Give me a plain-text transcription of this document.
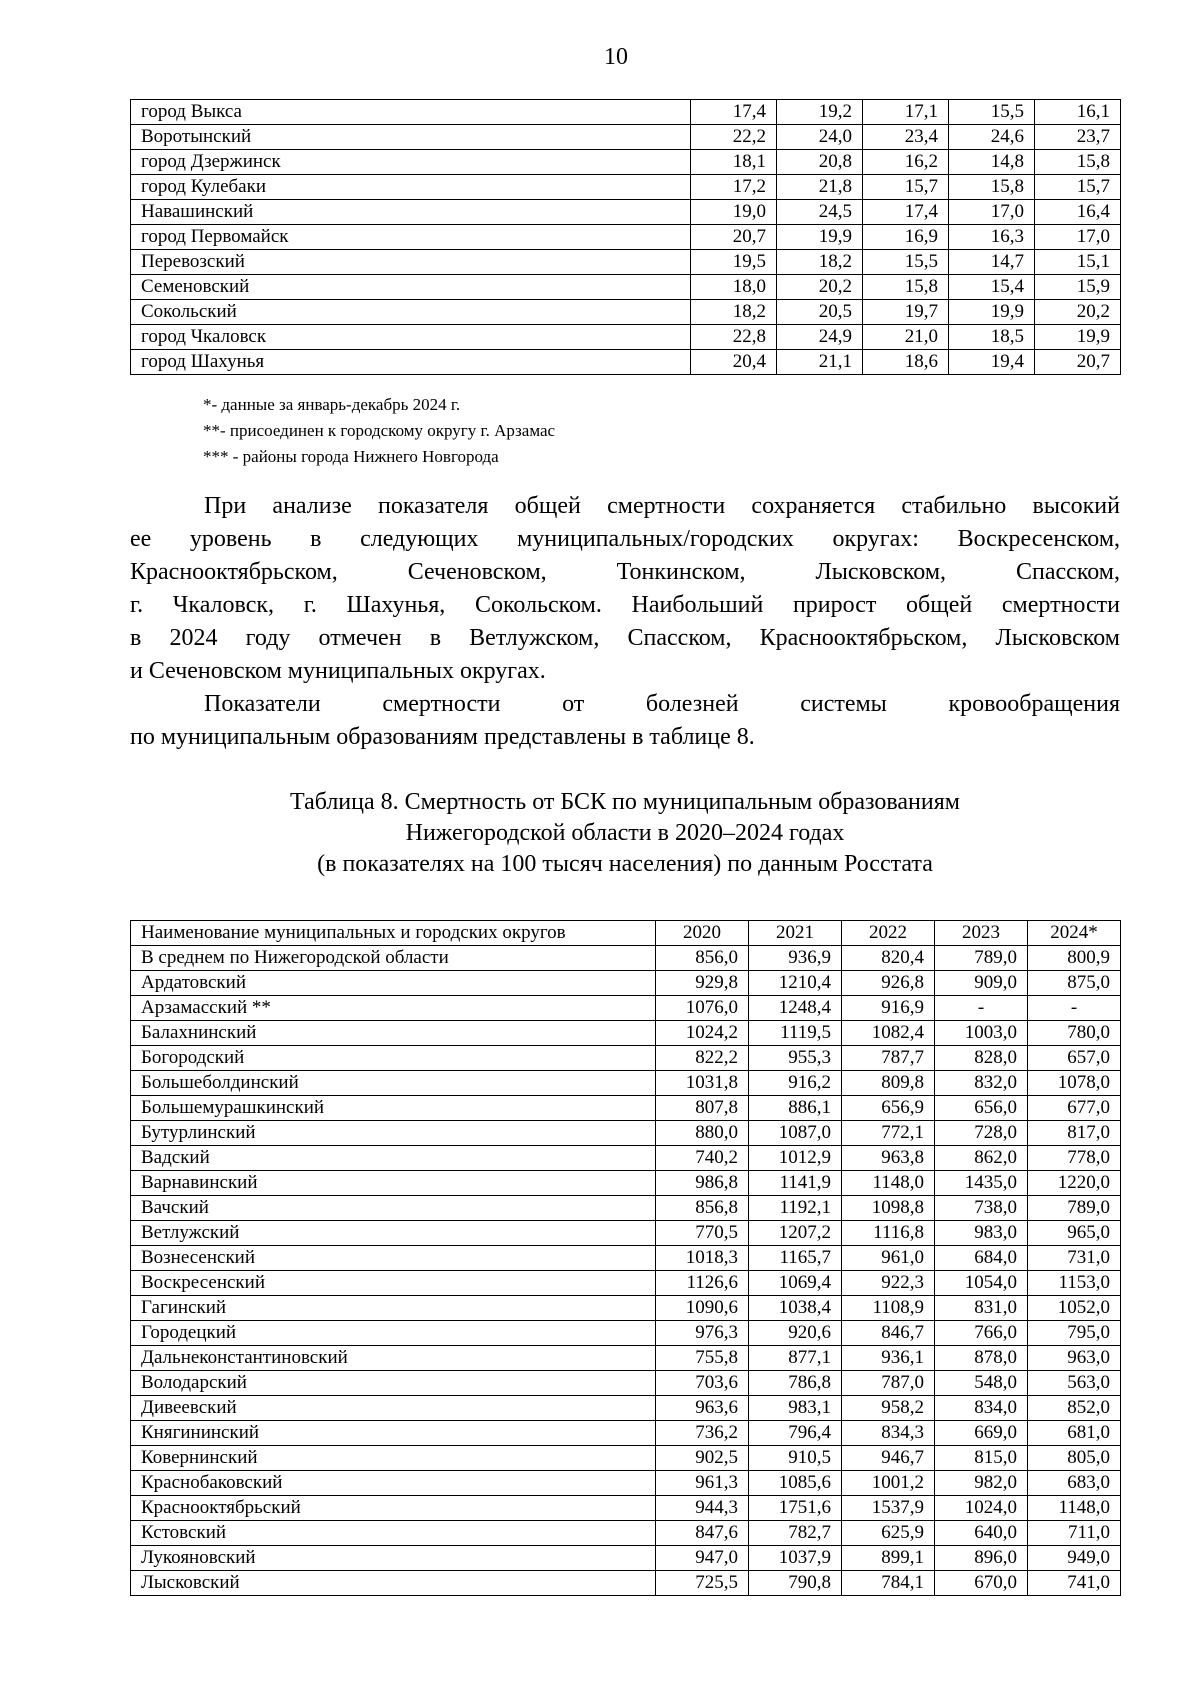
10
город Выкса	17,4	19,2	17,1	15,5	16,1
Воротынский	22,2	24,0	23,4	24,6	23,7
город Дзержинск	18,1	20,8	16,2	14,8	15,8
город Кулебаки	17,2	21,8	15,7	15,8	15,7
Навашинский	19,0	24,5	17,4	17,0	16,4
город Первомайск	20,7	19,9	16,9	16,3	17,0
Перевозский	19,5	18,2	15,5	14,7	15,1
Семеновский	18,0	20,2	15,8	15,4	15,9
Сокольский	18,2	20,5	19,7	19,9	20,2
город Чкаловск	22,8	24,9	21,0	18,5	19,9
город Шахунья	20,4	21,1	18,6	19,4	20,7
*- данные за январь-декабрь 2024 г.
**- присоединен к городскому округу г. Арзамас
*** - районы города Нижнего Новгорода
При анализе показателя общей смертности сохраняется стабильно высокий
ее уровень в следующих муниципальных/городских округах: Воскресенском,
Краснооктябрьском, Сеченовском, Тонкинском, Лысковском, Спасском,
г. Чкаловск, г. Шахунья, Сокольском. Наибольший прирост общей смертности
в 2024 году отмечен в Ветлужском, Спасском, Краснооктябрьском, Лысковском
и Сеченовском муниципальных округах.
Показатели смертности от болезней системы кровообращения
по муниципальным образованиям представлены в таблице 8.
Таблица 8. Смертность от БСК по муниципальным образованиям
Нижегородской области в 2020–2024 годах
(в показателях на 100 тысяч населения) по данным Росстата
Наименование муниципальных и городских округов	2020	2021	2022	2023	2024*
В среднем по Нижегородской области	856,0	936,9	820,4	789,0	800,9
Ардатовский	929,8	1210,4	926,8	909,0	875,0
Арзамасский **	1076,0	1248,4	916,9	-	-
Балахнинский	1024,2	1119,5	1082,4	1003,0	780,0
Богородский	822,2	955,3	787,7	828,0	657,0
Большеболдинский	1031,8	916,2	809,8	832,0	1078,0
Большемурашкинский	807,8	886,1	656,9	656,0	677,0
Бутурлинский	880,0	1087,0	772,1	728,0	817,0
Вадский	740,2	1012,9	963,8	862,0	778,0
Варнавинский	986,8	1141,9	1148,0	1435,0	1220,0
Вачский	856,8	1192,1	1098,8	738,0	789,0
Ветлужский	770,5	1207,2	1116,8	983,0	965,0
Вознесенский	1018,3	1165,7	961,0	684,0	731,0
Воскресенский	1126,6	1069,4	922,3	1054,0	1153,0
Гагинский	1090,6	1038,4	1108,9	831,0	1052,0
Городецкий	976,3	920,6	846,7	766,0	795,0
Дальнеконстантиновский	755,8	877,1	936,1	878,0	963,0
Володарский	703,6	786,8	787,0	548,0	563,0
Дивеевский	963,6	983,1	958,2	834,0	852,0
Княгининский	736,2	796,4	834,3	669,0	681,0
Ковернинский	902,5	910,5	946,7	815,0	805,0
Краснобаковский	961,3	1085,6	1001,2	982,0	683,0
Краснооктябрьский	944,3	1751,6	1537,9	1024,0	1148,0
Кстовский	847,6	782,7	625,9	640,0	711,0
Лукояновский	947,0	1037,9	899,1	896,0	949,0
Лысковский	725,5	790,8	784,1	670,0	741,0
